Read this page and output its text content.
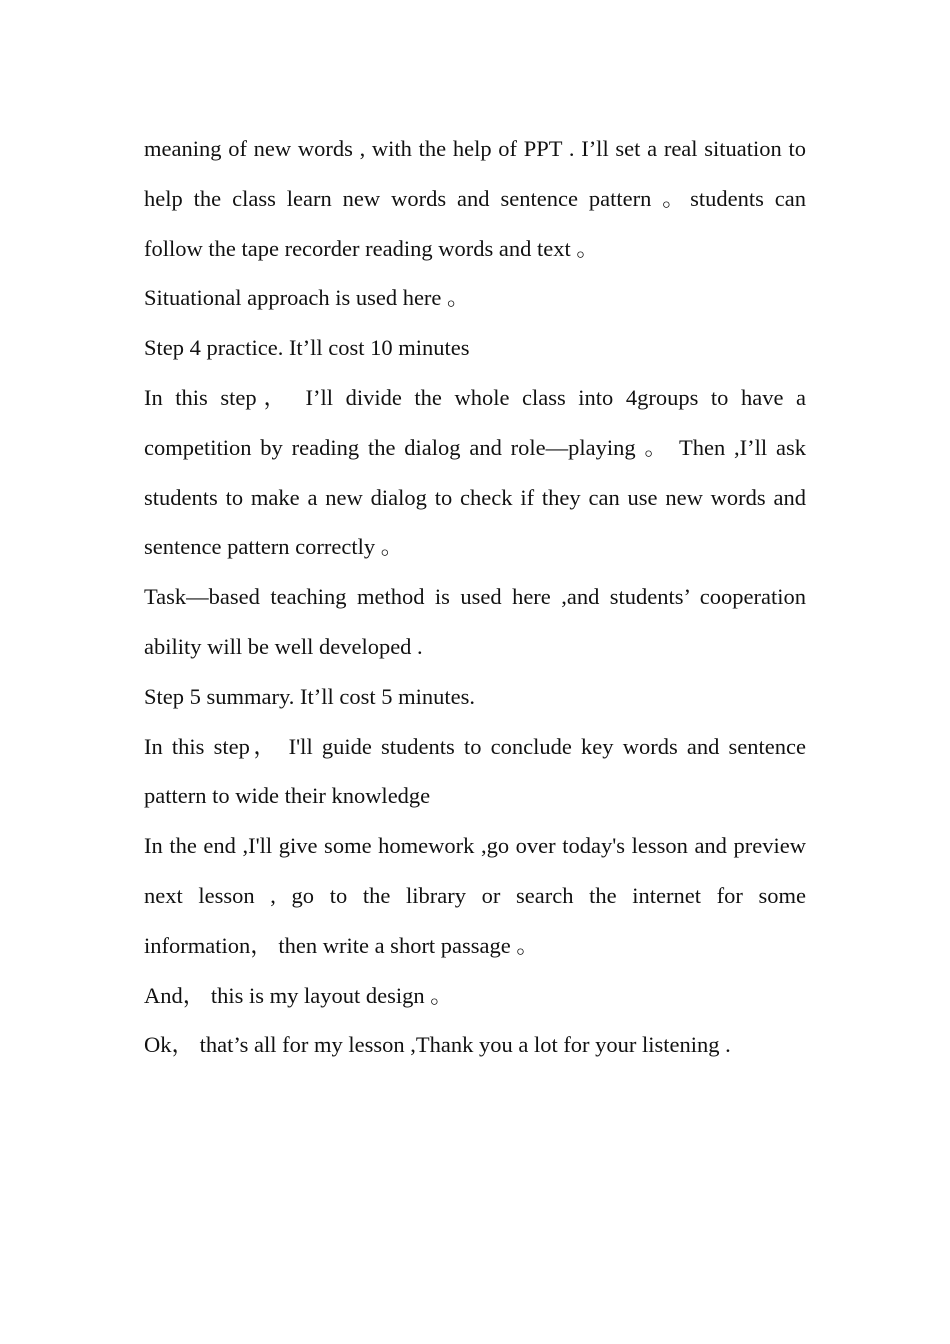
meaning of new words , with the help of PPT . I’ll set a real situation to help the class learn new words and sentence pattern 。students can follow the tape recorder reading words and text 。

Situational approach is used here 。

Step 4 practice. It’ll cost 10 minutes

In this step， I’ll divide the whole class into 4groups to have a competition by reading the dialog and role—playing 。 Then ,I’ll ask students to make a new dialog to check if they can use new words and sentence pattern correctly 。

Task—based teaching method is used here ,and students’ cooperation ability will be well developed .

Step 5 summary. It’ll cost 5 minutes.

In this step， I'll guide students to conclude key words and sentence pattern to wide their knowledge

In the end ,I'll give some homework ,go over today's lesson and preview next lesson , go to the library or search the internet for some information， then write a short passage 。

And， this is my layout design 。

Ok， that’s all for my lesson ,Thank you a lot for your listening .
